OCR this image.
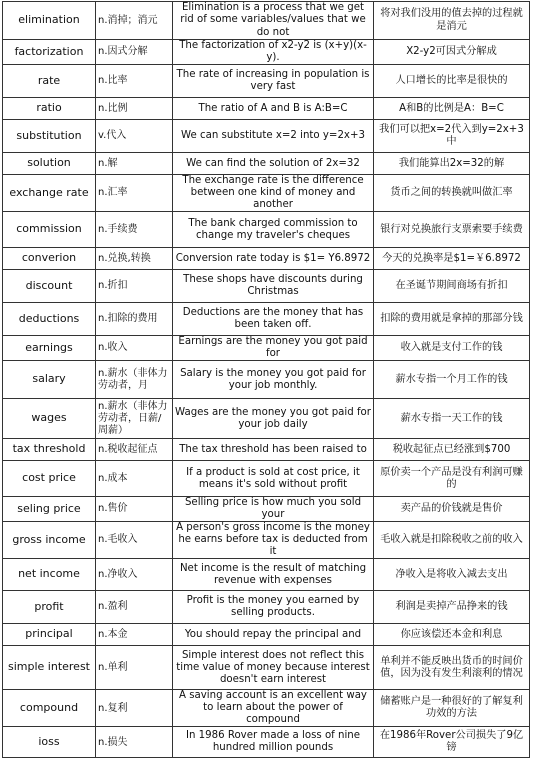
elimination	n.消掉；消元	Elimination is a process that we get rid of some variables/values that we do not	将对我们没用的值去掉的过程就是消元
factorization	n.因式分解	The factorization of x2-y2 is (x+y)(x-y).	X2-y2可因式分解成
rate	n.比率	The rate of increasing in population is very fast	人口增长的比率是很快的
ratio	n.比例	The ratio of A and B is A:B=C	A和B的比例是A：B=C
substitution	v.代入	We can substitute x=2 into y=2x+3	我们可以把x=2代入到y=2x+3中
solution	n.解	We can find the solution of 2x=32	我们能算出2x=32的解
exchange rate	n.汇率	The exchange rate is the difference between one kind of money and another	货币之间的转换就叫做汇率
commission	n.手续费	The bank charged commission to change my traveler's cheques	银行对兑换旅行支票索要手续费
converion	n.兑换,转换	Conversion rate today is $1= Y6.8972	今天的兑换率是$1=￥6.8972
discount	n.折扣	These shops have discounts during Christmas	在圣诞节期间商场有折扣
deductions	n.扣除的费用	Deductions are the money that has been taken off.	扣除的费用就是拿掉的那部分钱
earnings	n.收入	Earnings are the money you got paid for	收入就是支付工作的钱
salary	n.薪水（非体力劳动者，月	Salary is the money you got paid for your job monthly.	薪水专指一个月工作的钱
wages	n.薪水（非体力劳动者，日薪/周薪）	Wages are the money you got paid for your job daily	薪水专指一天工作的钱
tax threshold	n.税收起征点	The tax threshold has been raised to	税收起征点已经涨到$700
cost price	n.成本	If a product is sold at cost price, it means it's sold without profit	原价卖一个产品是没有利润可赚的
seling price	n.售价	Selling price is how much you sold your	卖产品的价钱就是售价
gross income	n.毛收入	A person's gross income is the money he earns before tax is deducted from it	毛收入就是扣除税收之前的收入
net income	n.净收入	Net income is the result of matching revenue with expenses	净收入是将收入减去支出
profit	n.盈利	Profit is the money you earned by selling products.	利润是卖掉产品挣来的钱
principal	n.本金	You should repay the principal and	你应该偿还本金和利息
simple interest	n.单利	Simple interest does not reflect this time value of money because interest doesn't earn interest	单利并不能反映出货币的时间价值，因为没有发生利滚利的情况
compound	n.复利	A saving account is an excellent way to learn about the power of compound	储蓄账户是一种很好的了解复利功效的方法
ioss	n.损失	In 1986 Rover made a loss of nine hundred million pounds	在1986年Rover公司损失了9亿镑
